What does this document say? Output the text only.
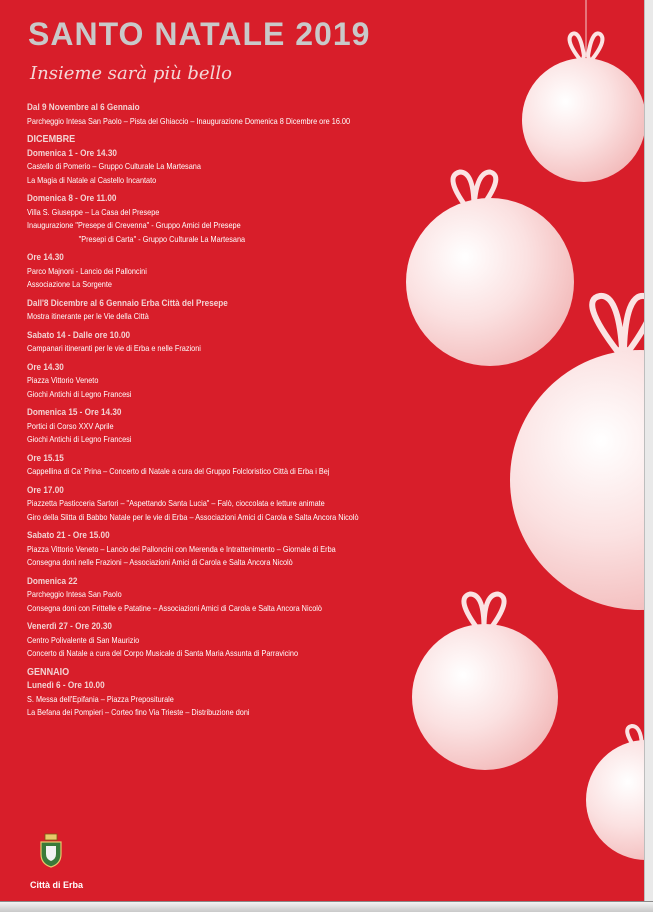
SANTO NATALE 2019
Insieme sarà più bello
Dal 9 Novembre al 6 Gennaio
Parcheggio Intesa San Paolo – Pista del Ghiaccio – Inaugurazione Domenica 8 Dicembre ore 16.00
DICEMBRE
Domenica 1 - Ore 14.30
Castello di Pomerio – Gruppo Culturale La Martesana
La Magia di Natale al Castello Incantato
Domenica 8 - Ore 11.00
Villa S. Giuseppe – La Casa del Presepe
Inaugurazione "Presepe di Crevenna" - Gruppo Amici del Presepe
"Presepi di Carta" - Gruppo Culturale La Martesana
Ore 14.30
Parco Majnoni - Lancio dei Palloncini
Associazione La Sorgente
Dall'8 Dicembre al 6 Gennaio Erba Città del Presepe
Mostra itinerante per le Vie della Città
Sabato 14 - Dalle ore 10.00
Campanari itineranti per le vie di Erba e nelle Frazioni
Ore 14.30
Piazza Vittorio Veneto
Giochi Antichi di Legno Francesi
Domenica 15 - Ore 14.30
Portici di Corso XXV Aprile
Giochi Antichi di Legno Francesi
Ore 15.15
Cappellina di Ca' Prina – Concerto di Natale a cura del Gruppo Folcloristico Città di Erba i Bej
Ore 17.00
Piazzetta Pasticceria Sartori – "Aspettando Santa Lucia" – Falò, cioccolata e letture animate
Giro della Slitta di Babbo Natale per le vie di Erba – Associazioni Amici di Carola e Salta Ancora Nicolò
Sabato 21 - Ore 15.00
Piazza Vittorio Veneto – Lancio dei Palloncini con Merenda e Intrattenimento – Giornale di Erba
Consegna doni nelle Frazioni – Associazioni Amici di Carola e Salta Ancora Nicolò
Domenica 22
Parcheggio Intesa San Paolo
Consegna doni con Frittelle e Patatine – Associazioni Amici di Carola e Salta Ancora Nicolò
Venerdì 27 - Ore 20.30
Centro Polivalente di San Maurizio
Concerto di Natale a cura del Corpo Musicale di Santa Maria Assunta di Parravicino
GENNAIO
Lunedì 6 - Ore 10.00
S. Messa dell'Epifania – Piazza Prepositurale
La Befana dei Pompieri – Corteo fino Via Trieste – Distribuzione doni
Città di Erba
